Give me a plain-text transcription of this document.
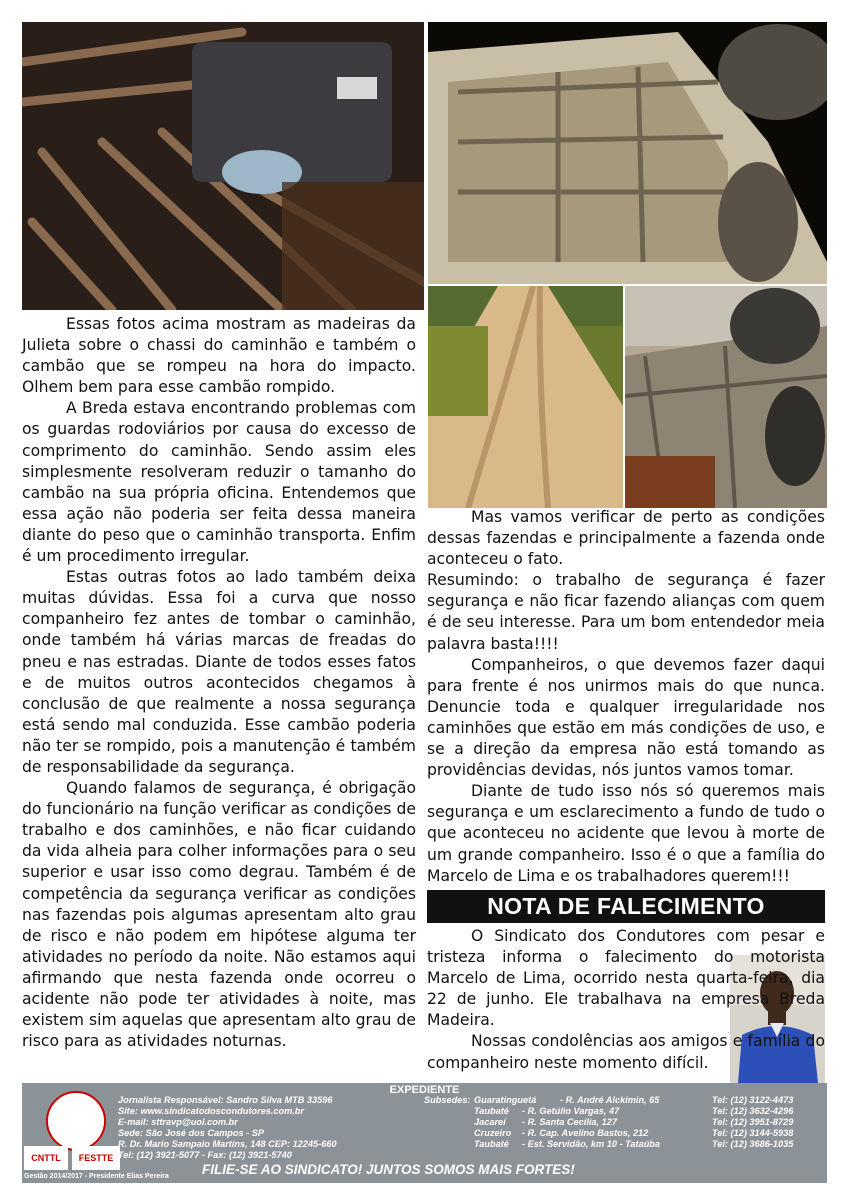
Essas fotos acima mostram as madeiras da Julieta sobre o chassi do caminhão e também o cambão que se rompeu na hora do impacto. Olhem bem para esse cambão rompido.

A Breda estava encontrando problemas com os guardas rodoviários por causa do excesso de comprimento do caminhão. Sendo assim eles simplesmente resolveram reduzir o tamanho do cambão na sua própria oficina. Entendemos que essa ação não poderia ser feita dessa maneira diante do peso que o caminhão transporta. Enfim é um procedimento irregular.

Estas outras fotos ao lado também deixa muitas dúvidas. Essa foi a curva que nosso companheiro fez antes de tombar o caminhão, onde também há várias marcas de freadas do pneu e nas estradas. Diante de todos esses fatos e de muitos outros acontecidos chegamos à conclusão de que realmente a nossa segurança está sendo mal conduzida. Esse cambão poderia não ter se rompido, pois a manutenção é também de responsabilidade da segurança.

Quando falamos de segurança, é obrigação do funcionário na função verificar as condições de trabalho e dos caminhões, e não ficar cuidando da vida alheia para colher informações para o seu superior e usar isso como degrau. Também é de competência da segurança verificar as condições nas fazendas pois algumas apresentam alto grau de risco e não podem em hipótese alguma ter atividades no período da noite. Não estamos aqui afirmando que nesta fazenda onde ocorreu o acidente não pode ter atividades à noite, mas existem sim aquelas que apresentam alto grau de risco para as atividades noturnas.

Mas vamos verificar de perto as condições dessas fazendas e principalmente a fazenda onde aconteceu o fato.

Resumindo: o trabalho de segurança é fazer segurança e não ficar fazendo alianças com quem é de seu interesse. Para um bom entendedor meia palavra basta!!!!

Companheiros, o que devemos fazer daqui para frente é nos unirmos mais do que nunca. Denuncie toda e qualquer irregularidade nos caminhões que estão em más condições de uso, e se a direção da empresa não está tomando as providências devidas, nós juntos vamos tomar.

Diante de tudo isso nós só queremos mais segurança e um esclarecimento a fundo de tudo o que aconteceu no acidente que levou à morte de um grande companheiro. Isso é o que a família do Marcelo de Lima e os trabalhadores querem!!!

NOTA DE FALECIMENTO

O Sindicato dos Condutores com pesar e tristeza informa o falecimento do motorista Marcelo de Lima, ocorrido nesta quarta-feira, dia 22 de junho. Ele trabalhava na empresa Breda Madeira.

Nossas condolências aos amigos e família do companheiro neste momento difícil.

EXPEDIENTE
CNTTL	FESTTE
Jornalista Responsável: Sandro Silva MTB 33596
Site: www.sindicatodoscondutores.com.br
E-mail: sttravp@uol.com.br
Sede: São José dos Campos - SP
R. Dr. Mario Sampaio Martins, 148 CEP: 12245-660
Tel: (12) 3921-5077 - Fax: (12) 3921-5740
Subsedes: Guaratinguetá	- R. André Alckimin, 65	Tel: (12) 3122-4473
Taubaté - R. Getúlio Vargas, 47	Tel: (12) 3632-4296
Jacareí - R. Santa Cecília, 127	Tel: (12) 3951-8729
Cruzeiro - R. Cap. Avelino Bastos, 212	Tel: (12) 3144-5938
Taubaté - Est. Servidão, km 10 - Tataúba	Tel: (12) 3686-1035
FILIE-SE AO SINDICATO! JUNTOS SOMOS MAIS FORTES!
Gestão 2014/2017 - Presidente Elias Pereira
